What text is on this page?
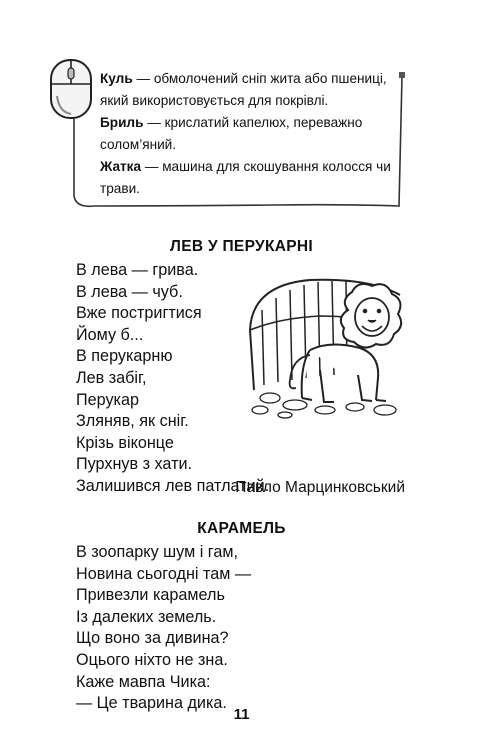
Куль — обмолочений сніп жита або пшениці, який використовується для покрівлі.

Бриль — крислатий капелюх, переважно солом’яний.

Жатка — машина для скошування колосся чи трави.

ЛЕВ У ПЕРУКАРНІ
В лева — грива.
В лева — чуб.
Вже постригтися
Йому б...
В перукарню
Лев забіг,
Перукар
Зляняв, як сніг.
Крізь віконце
Пурхнув з хати.
Залишився лев патлатий.
Павло Марцинковський
КАРАМЕЛЬ
В зоопарку шум і гам,
Новина сьогодні там —
Привезли карамель
Із далеких земель.
Що воно за дивина?
Оцього ніхто не зна.
Каже мавпа Чика:
— Це тварина дика.
11
